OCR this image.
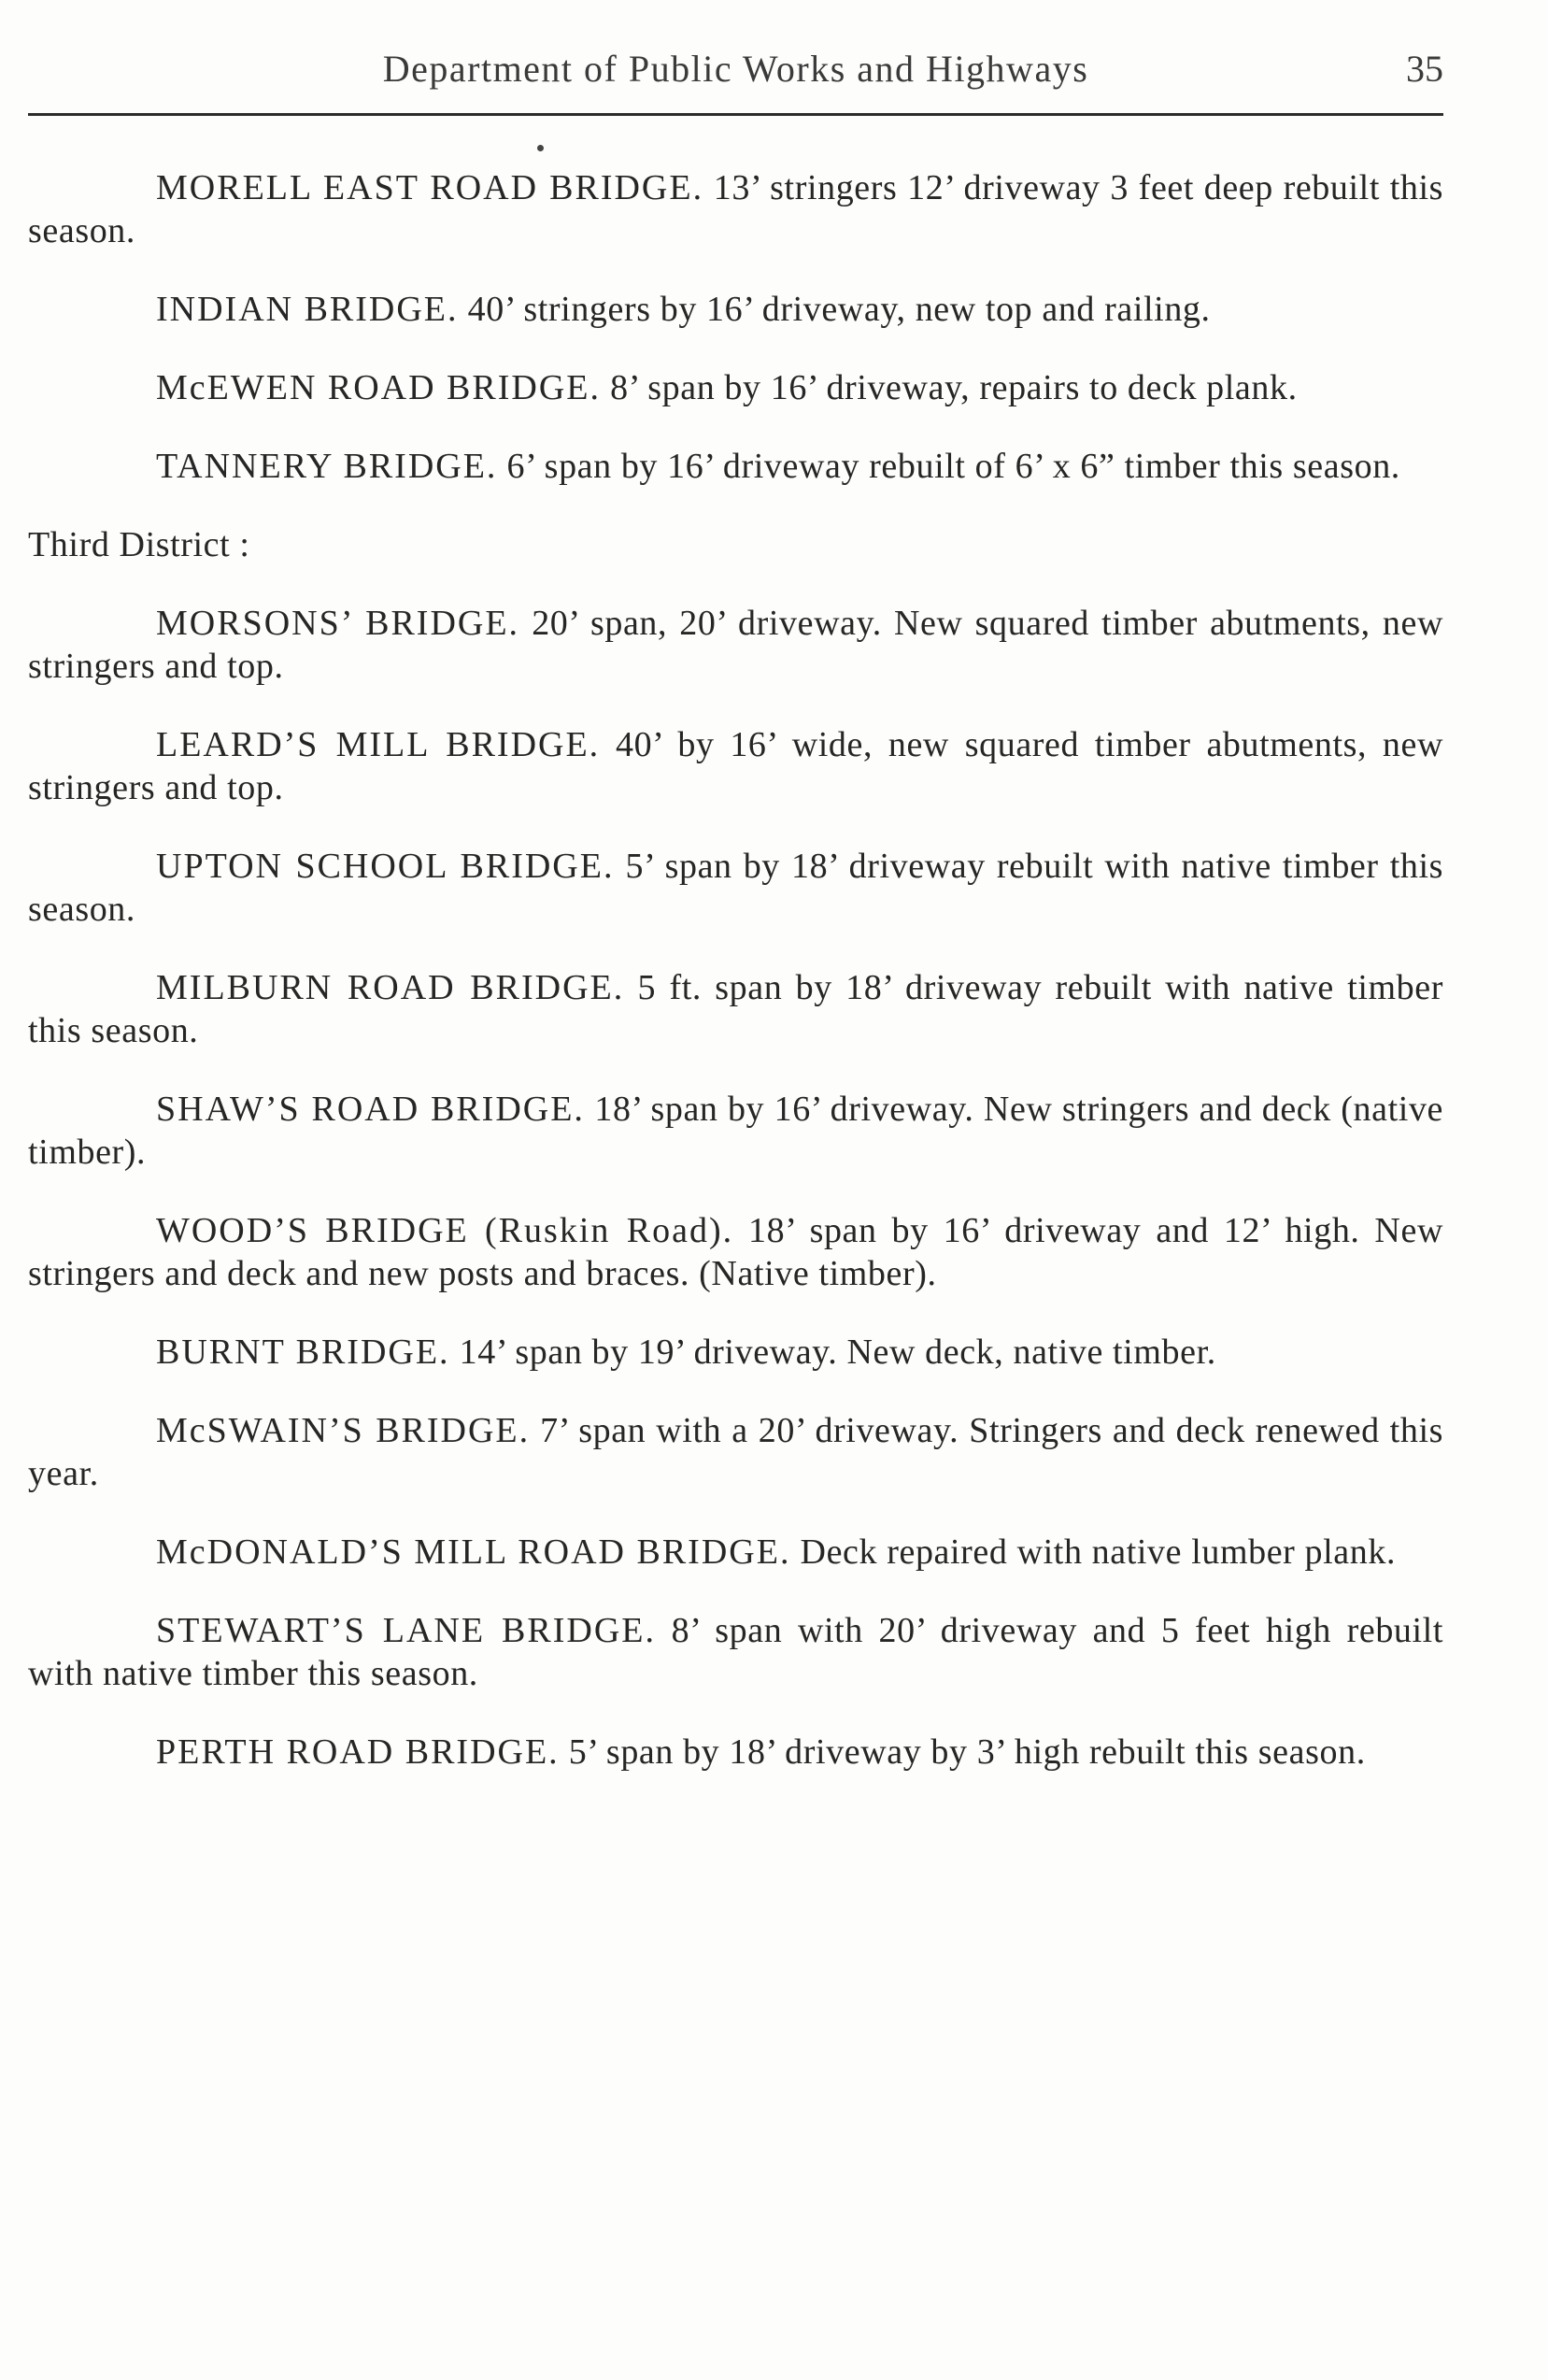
Department of Public Works and Highways	35

MORELL EAST ROAD BRIDGE. 13’ stringers 12’ driveway 3 feet deep rebuilt this season.

INDIAN BRIDGE. 40’ stringers by 16’ driveway, new top and railing.

McEWEN ROAD BRIDGE. 8’ span by 16’ driveway, repairs to deck plank.

TANNERY BRIDGE. 6’ span by 16’ driveway rebuilt of 6’ x 6” timber this season.

Third District :

MORSONS’ BRIDGE. 20’ span, 20’ driveway. New squared timber abutments, new stringers and top.

LEARD’S MILL BRIDGE. 40’ by 16’ wide, new squared timber abutments, new stringers and top.

UPTON SCHOOL BRIDGE. 5’ span by 18’ driveway rebuilt with native timber this season.

MILBURN ROAD BRIDGE. 5 ft. span by 18’ driveway rebuilt with native timber this season.

SHAW’S ROAD BRIDGE. 18’ span by 16’ driveway. New stringers and deck (native timber).

WOOD’S BRIDGE (Ruskin Road). 18’ span by 16’ driveway and 12’ high. New stringers and deck and new posts and braces. (Native timber).

BURNT BRIDGE. 14’ span by 19’ driveway. New deck, native timber.

McSWAIN’S BRIDGE. 7’ span with a 20’ driveway. Stringers and deck renewed this year.

McDONALD’S MILL ROAD BRIDGE. Deck repaired with native lumber plank.

STEWART’S LANE BRIDGE. 8’ span with 20’ driveway and 5 feet high rebuilt with native timber this season.

PERTH ROAD BRIDGE. 5’ span by 18’ driveway by 3’ high rebuilt this season.
